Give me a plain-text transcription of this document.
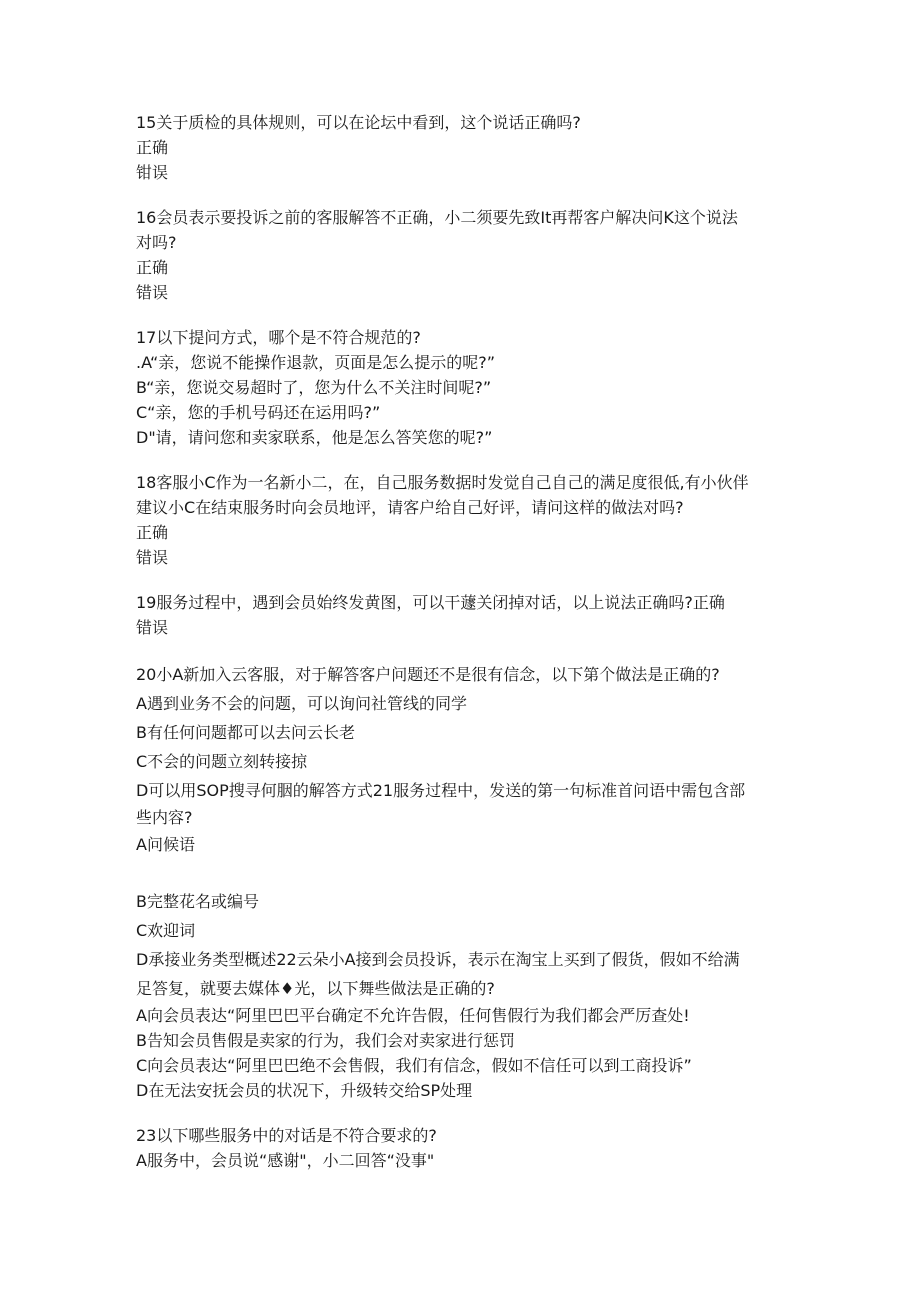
15关于质检的具体规则，可以在论坛中看到，这个说话正确吗?

正确

钳误

16会员表示要投诉之前的客服解答不正确，小二须要先致It再帮客户解决问K这个说法

对吗?

正确

错误

17以下提问方式，哪个是不符合规范的?

.A“亲，您说不能操作退款，页面是怎么提示的呢?”

B“亲，您说交易超时了，您为什么不关注时间呢?”

C“亲，您的手机号码还在运用吗?”

D"请，请问您和卖家联系，他是怎么答笑您的呢?”

18客服小C作为一名新小二，在，自己服务数据时发觉自己自己的满足度很低,有小伙伴

建议小C在结束服务时向会员地评，请客户给自己好评，请问这样的做法对吗?

正确

错误

19服务过程中，遇到会员始终发黄图，可以干蘧关闭掉对话，以上说法正确吗?正确

错误

20小A新加入云客服，对于解答客户问题还不是很有信念，以下第个做法是正确的?

A遇到业务不会的问题，可以询问社管线的同学

B有任何问题都可以去问云长老

C不会的问题立刻转接掠

D可以用SOP搜寻何胭的解答方式21服务过程中，发送的第一句标准首问语中需包含部

些内容?

A问候语

B完整花名或编号

C欢迎词

D承接业务类型概述22云朵小A接到会员投诉，表示在淘宝上买到了假货，假如不给满

足答复，就要去媒体♦光，以下舞些做法是正确的?

A向会员表达“阿里巴巴平台确定不允许告假，任何售假行为我们都会严厉查处!

B告知会员售假是卖家的行为，我们会对卖家进行惩罚

C向会员表达“阿里巴巴绝不会售假，我们有信念，假如不信任可以到工商投诉”

D在无法安抚会员的状况下，升级转交给SP处理

23以下哪些服务中的对话是不符合要求的?

A服务中，会员说“感谢"，小二回答“没事"
